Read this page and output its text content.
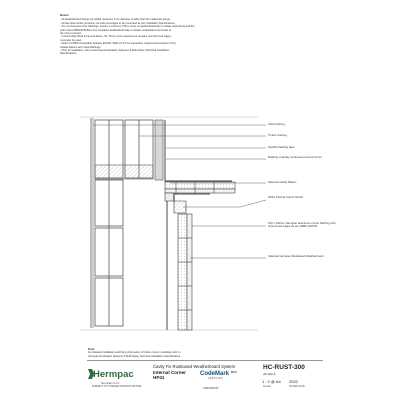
Notes:
- All weatherboard fixings pre-drilled maximum 1mm diameter smaller than the nail/screw gauge.
- All Hermpac timber products, cut ends and edges to be prevented as per installation Specifications.
- For non-framed corner flashings, ensure a minimum 75mm cover to weatherboard lap or rebate extends beyond the
point where BRANZ Bulletin 411 compliant weatherboard lap or rebate combinations terminate at
the corner junction.
- In Extra High Wind Zone and above, the 75mm cover requirement remains and hemmed edges
must also be used.
- Refer to NZBC Acceptable Solution E2/AS1 Table 21 for the separation requirements between CCA
treated battens and metal flashings.
- Prior to installation, refer to Hermpac Rusticated, Splayciut & Multi-Splay Technical Installation
Specifications.
Internal lining
Timber framing
Flexible flashing tape
Building underlay continuous around corner
Selected Cavity Batten
HP41 Internal Corner Mould
100 x 100mm Hermpac aluminium corner flashing with unhemmed edges as per NZBC E2/AS1
Selected Hermpac Rusticated Weatherboard
Note:
For detailed installation and fixing information of timber corner mouldings refer to
Hermpac Rusticated, Splaycut & Multi-Splay Technical Installation Specifications.
Hermpac
hermpac.co.nz
SUBJECT TO CHANGE WITHOUT NOTICE
Cavity Fix Rusticated Weatherboard System
Internal Corner
HP41
CodeMark BCC
CERTIFIED
CMNZ30057
HC-RUST-300
(Modified)
1 : 2 @ A4
SCALE
2022
ISSUED DATE
